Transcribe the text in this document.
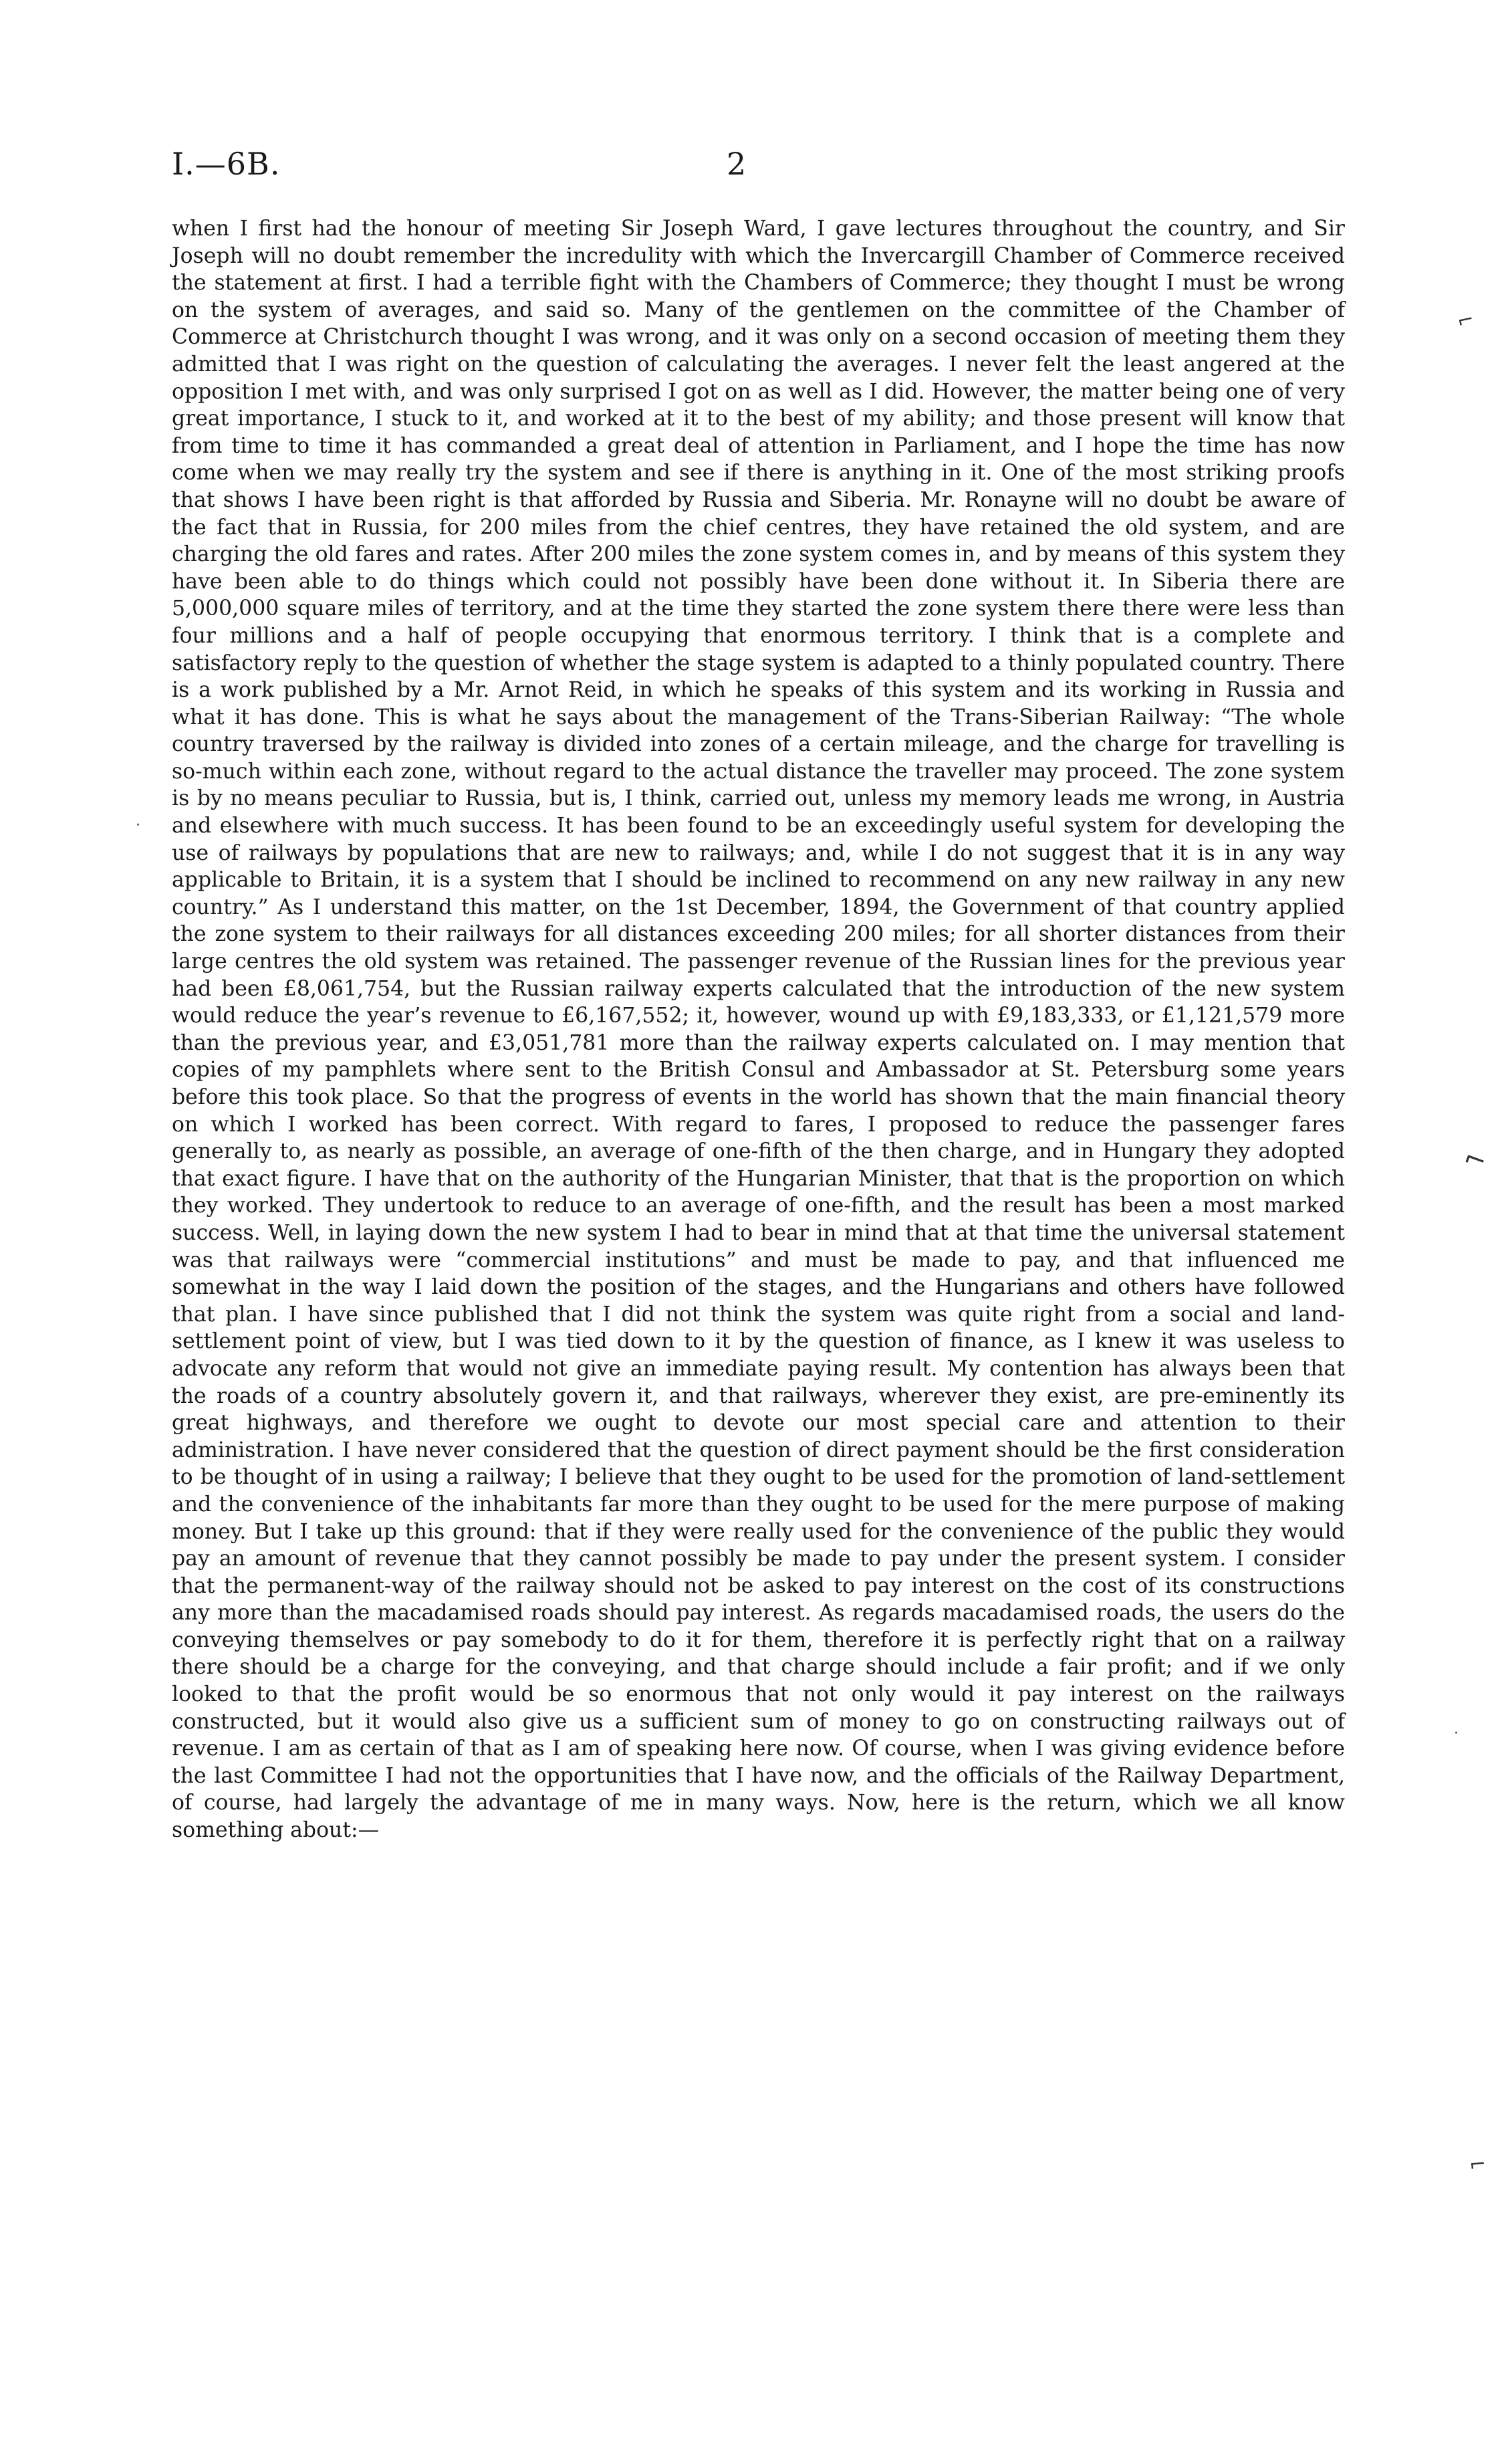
I.—6B.	2

when I first had the honour of meeting Sir Joseph Ward, I gave lectures throughout the country, and Sir Joseph will no doubt remember the incredulity with which the Invercargill Chamber of Commerce received the statement at first. I had a terrible fight with the Chambers of Commerce; they thought I must be wrong on the system of averages, and said so. Many of the gentlemen on the committee of the Chamber of Commerce at Christchurch thought I was wrong, and it was only on a second occasion of meeting them they admitted that I was right on the question of calculating the averages. I never felt the least angered at the opposition I met with, and was only surprised I got on as well as I did. However, the matter being one of very great importance, I stuck to it, and worked at it to the best of my ability; and those present will know that from time to time it has commanded a great deal of attention in Parliament, and I hope the time has now come when we may really try the system and see if there is anything in it. One of the most striking proofs that shows I have been right is that afforded by Russia and Siberia. Mr. Ronayne will no doubt be aware of the fact that in Russia, for 200 miles from the chief centres, they have retained the old system, and are charging the old fares and rates. After 200 miles the zone system comes in, and by means of this system they have been able to do things which could not possibly have been done without it. In Siberia there are 5,000,000 square miles of territory, and at the time they started the zone system there there were less than four millions and a half of people occupying that enormous territory. I think that is a complete and satisfactory reply to the question of whether the stage system is adapted to a thinly populated country. There is a work published by a Mr. Arnot Reid, in which he speaks of this system and its working in Russia and what it has done. This is what he says about the management of the Trans-Siberian Railway: “The whole country traversed by the railway is divided into zones of a certain mileage, and the charge for travelling is so-much within each zone, without regard to the actual distance the traveller may proceed. The zone system is by no means peculiar to Russia, but is, I think, carried out, unless my memory leads me wrong, in Austria and elsewhere with much success. It has been found to be an exceedingly useful system for developing the use of railways by populations that are new to railways; and, while I do not suggest that it is in any way applicable to Britain, it is a system that I should be inclined to recommend on any new railway in any new country.” As I understand this matter, on the 1st December, 1894, the Government of that country applied the zone system to their railways for all distances exceeding 200 miles; for all shorter distances from their large centres the old system was retained. The passenger revenue of the Russian lines for the previous year had been £8,061,754, but the Russian railway experts calculated that the introduction of the new system would reduce the year’s revenue to £6,167,552; it, however, wound up with £9,183,333, or £1,121,579 more than the previous year, and £3,051,781 more than the railway experts calculated on. I may mention that copies of my pamphlets where sent to the British Consul and Ambassador at St. Petersburg some years before this took place. So that the progress of events in the world has shown that the main financial theory on which I worked has been correct. With regard to fares, I proposed to reduce the passenger fares generally to, as nearly as possible, an average of one-fifth of the then charge, and in Hungary they adopted that exact figure. I have that on the authority of the Hungarian Minister, that that is the proportion on which they worked. They undertook to reduce to an average of one-fifth, and the result has been a most marked success. Well, in laying down the new system I had to bear in mind that at that time the universal statement was that railways were “commercial institutions” and must be made to pay, and that influenced me somewhat in the way I laid down the position of the stages, and the Hungarians and others have followed that plan. I have since published that I did not think the system was quite right from a social and land-settlement point of view, but I was tied down to it by the question of finance, as I knew it was useless to advocate any reform that would not give an immediate paying result. My contention has always been that the roads of a country absolutely govern it, and that railways, wherever they exist, are pre-eminently its great highways, and therefore we ought to devote our most special care and attention to their administration. I have never considered that the question of direct payment should be the first consideration to be thought of in using a railway; I believe that they ought to be used for the promotion of land-settlement and the convenience of the inhabitants far more than they ought to be used for the mere purpose of making money. But I take up this ground: that if they were really used for the convenience of the public they would pay an amount of revenue that they cannot possibly be made to pay under the present system. I consider that the permanent-way of the railway should not be asked to pay interest on the cost of its constructions any more than the macadamised roads should pay interest. As regards macadamised roads, the users do the conveying themselves or pay somebody to do it for them, therefore it is perfectly right that on a railway there should be a charge for the conveying, and that charge should include a fair profit; and if we only looked to that the profit would be so enormous that not only would it pay interest on the railways constructed, but it would also give us a sufficient sum of money to go on constructing railways out of revenue. I am as certain of that as I am of speaking here now. Of course, when I was giving evidence before the last Committee I had not the opportunities that I have now, and the officials of the Railway Department, of course, had largely the advantage of me in many ways. Now, here is the return, which we all know something about:—

⌐
⌐
·
⌐
·
